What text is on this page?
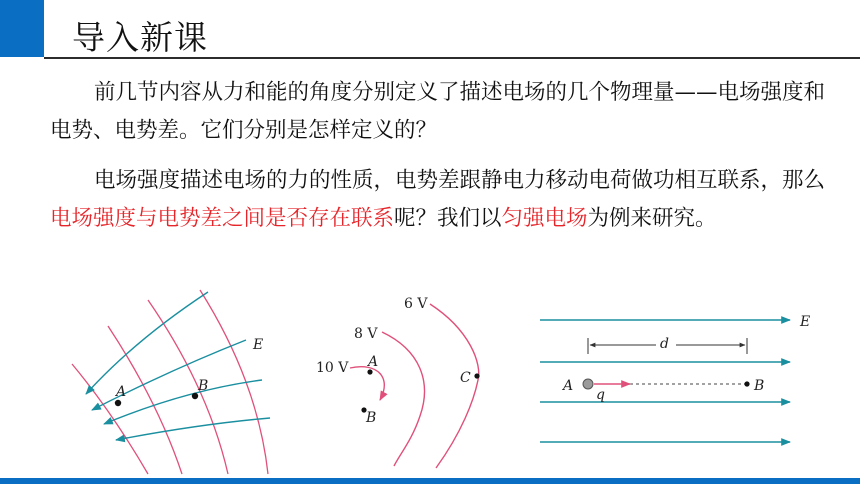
导入新课
前几节内容从力和能的角度分别定义了描述电场的几个物理量——电场强度和电势、电势差。它们分别是怎样定义的？
电场强度描述电场的力的性质，电势差跟静电力移动电荷做功相互联系，那么电场强度与电势差之间是否存在联系呢？我们以匀强电场为例来研究。
A	B
E
6 V
8 V
10 V A
B
C
d
A	B
q
E
